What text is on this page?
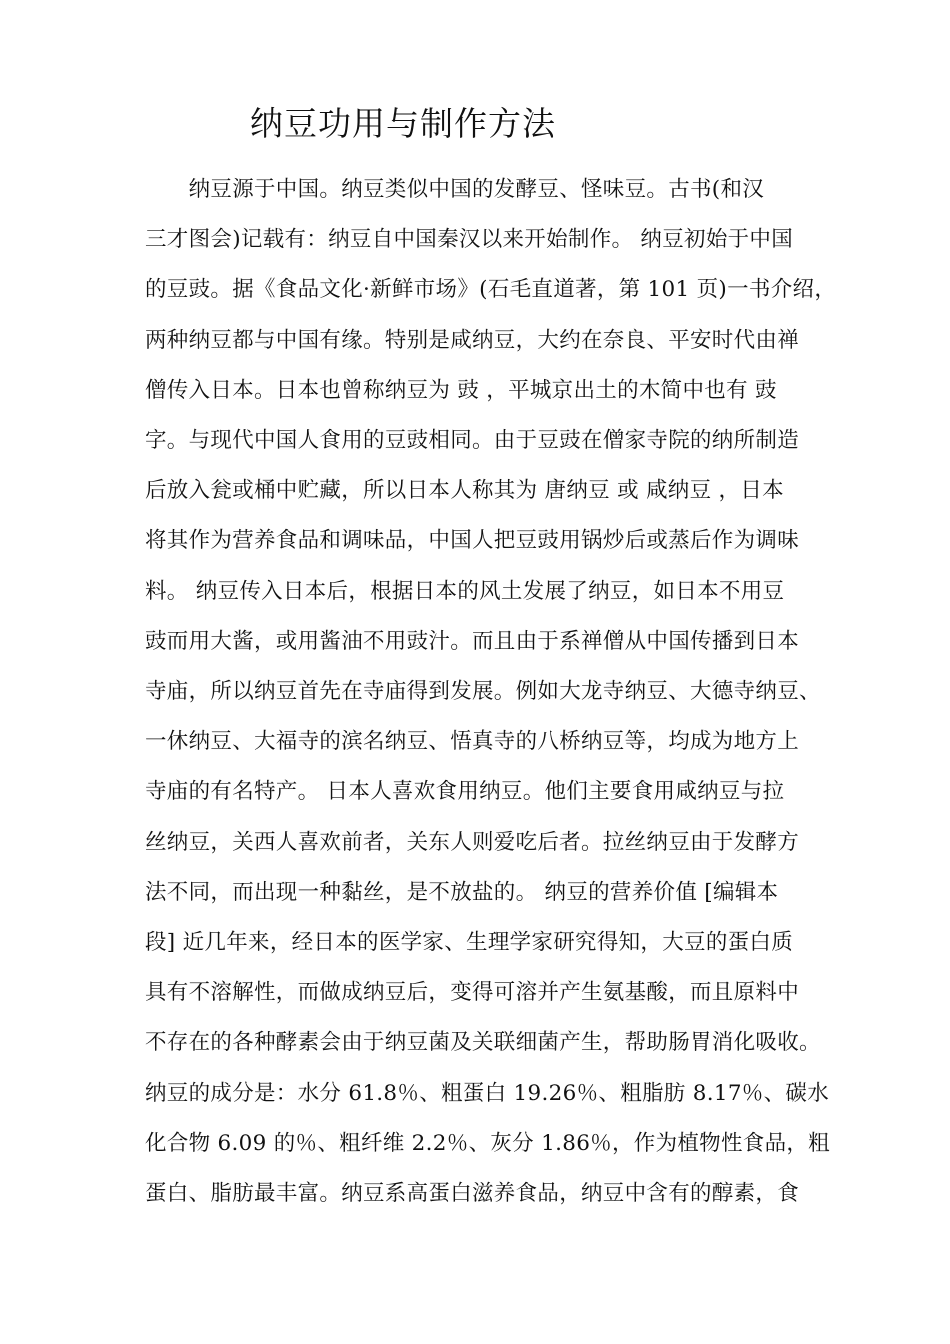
纳豆功用与制作方法

　　纳豆源于中国。纳豆类似中国的发酵豆、怪味豆。古书(和汉

三才图会)记载有：纳豆自中国秦汉以来开始制作。 纳豆初始于中国

的豆豉。据《食品文化·新鲜市场》(石毛直道著，第 101 页)一书介绍，

两种纳豆都与中国有缘。特别是咸纳豆，大约在奈良、平安时代由禅

僧传入日本。日本也曾称纳豆为 豉 ，平城京出土的木简中也有 豉

字。与现代中国人食用的豆豉相同。由于豆豉在僧家寺院的纳所制造

后放入瓮或桶中贮藏，所以日本人称其为 唐纳豆 或 咸纳豆 ，日本

将其作为营养食品和调味品，中国人把豆豉用锅炒后或蒸后作为调味

料。 纳豆传入日本后，根据日本的风土发展了纳豆，如日本不用豆

豉而用大酱，或用酱油不用豉汁。而且由于系禅僧从中国传播到日本

寺庙，所以纳豆首先在寺庙得到发展。例如大龙寺纳豆、大德寺纳豆、

一休纳豆、大福寺的滨名纳豆、悟真寺的八桥纳豆等，均成为地方上

寺庙的有名特产。 日本人喜欢食用纳豆。他们主要食用咸纳豆与拉

丝纳豆，关西人喜欢前者，关东人则爱吃后者。拉丝纳豆由于发酵方

法不同，而出现一种黏丝，是不放盐的。 纳豆的营养价值 [编辑本

段] 近几年来，经日本的医学家、生理学家研究得知，大豆的蛋白质

具有不溶解性，而做成纳豆后，变得可溶并产生氨基酸，而且原料中

不存在的各种酵素会由于纳豆菌及关联细菌产生，帮助肠胃消化吸收。

纳豆的成分是：水分 61.8％、粗蛋白 19.26％、粗脂肪 8.17％、碳水

化合物 6.09 的％、粗纤维 2.2％、灰分 1.86％，作为植物性食品，粗

蛋白、脂肪最丰富。纳豆系高蛋白滋养食品，纳豆中含有的醇素，食
